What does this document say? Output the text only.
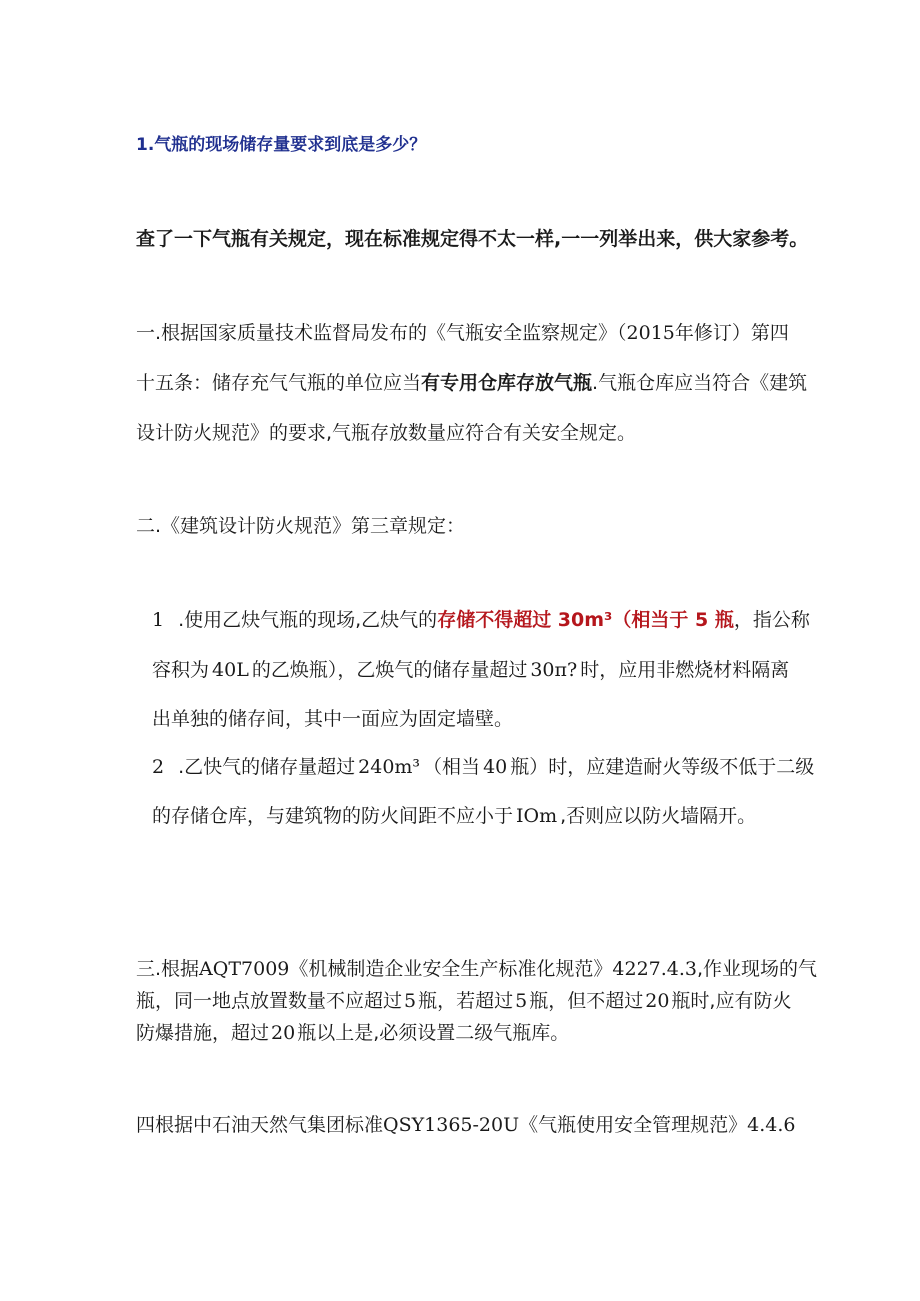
1.气瓶的现场储存量要求到底是多少？
查了一下气瓶有关规定，现在标准规定得不太一样,一一列举出来，供大家参考。
一.根据国家质量技术监督局发布的《气瓶安全监察规定》（2015年修订）第四
十五条：储存充气气瓶的单位应当有专用仓库存放气瓶.气瓶仓库应当符合《建筑
设计防火规范》的要求,气瓶存放数量应符合有关安全规定。
二.《建筑设计防火规范》第三章规定：
1 .使用乙炔气瓶的现场,乙炔气的存储不得超过 30m³（相当于 5 瓶，指公称
容积为 40L 的乙焕瓶），乙焕气的储存量超过 30π? 时，应用非燃烧材料隔离
出单独的储存间，其中一面应为固定墙壁。
2 .乙快气的储存量超过 240m³ （相当 40 瓶）时，应建造耐火等级不低于二级
的存储仓库，与建筑物的防火间距不应小于 IOm ,否则应以防火墙隔开。
三.根据AQT7009《机械制造企业安全生产标准化规范》4227.4.3,作业现场的气
瓶，同一地点放置数量不应超过 5 瓶，若超过 5 瓶，但不超过 20 瓶时,应有防火
防爆措施，超过 20 瓶以上是,必须设置二级气瓶库。
四根据中石油天然气集团标准QSY1365-20U《气瓶使用安全管理规范》4.4.6
